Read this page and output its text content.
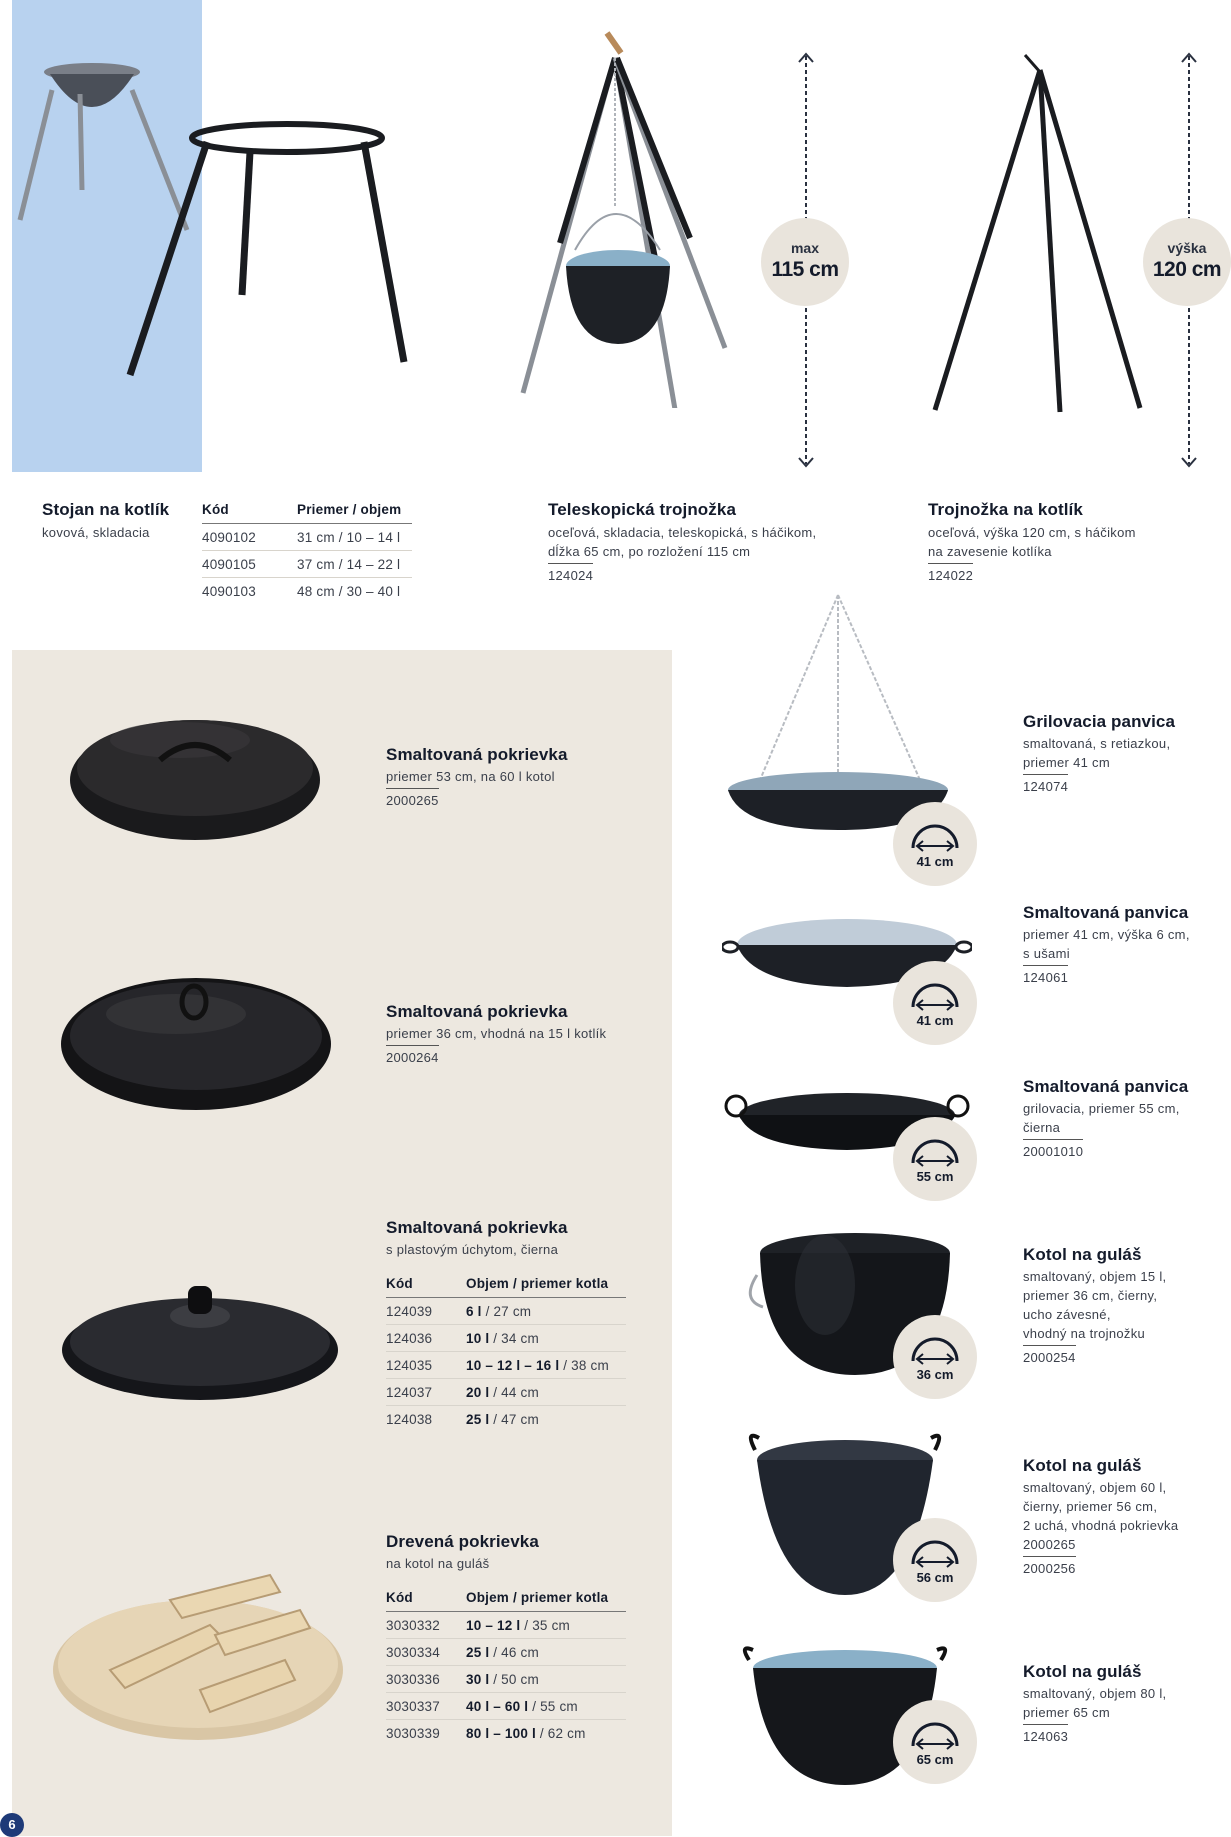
max
115 cm
výška
120 cm
Stojan na kotlík
kovová, skladacia
Kód	Priemer / objem
4090102	31 cm / 10 – 14 l
4090105	37 cm / 14 – 22 l
4090103	48 cm / 30 – 40 l
Teleskopická trojnožka
oceľová, skladacia, teleskopická, s háčikom,
dĺžka 65 cm, po rozložení 115 cm
124024
Trojnožka na kotlík
oceľová, výška 120 cm, s háčikom
na zavesenie kotlíka
124022
Smaltovaná pokrievka
priemer 53 cm, na 60 l kotol
2000265
Smaltovaná pokrievka
priemer 36 cm, vhodná na 15 l kotlík
2000264
Smaltovaná pokrievka
s plastovým úchytom, čierna
Kód	Objem / priemer kotla
124039	6 l / 27 cm
124036	10 l / 34 cm
124035	10 – 12 l – 16 l / 38 cm
124037	20 l / 44 cm
124038	25 l / 47 cm
Drevená pokrievka
na kotol na guláš
Kód	Objem / priemer kotla
3030332	10 – 12 l / 35 cm
3030334	25 l / 46 cm
3030336	30 l / 50 cm
3030337	40 l – 60 l / 55 cm
3030339	80 l – 100 l / 62 cm
41 cm
41 cm
55 cm
36 cm
56 cm
65 cm
Grilovacia panvica
smaltovaná, s retiazkou,
priemer 41 cm
124074
Smaltovaná panvica
priemer 41 cm, výška 6 cm,
s ušami
124061
Smaltovaná panvica
grilovacia, priemer 55 cm,
čierna
20001010
Kotol na guláš
smaltovaný, objem 15 l,
priemer 36 cm, čierny,
ucho závesné,
vhodný na trojnožku
2000254
Kotol na guláš
smaltovaný, objem 60 l,
čierny, priemer 56 cm,
2 uchá, vhodná pokrievka
2000265
2000256
Kotol na guláš
smaltovaný, objem 80 l,
priemer 65 cm
124063
6
